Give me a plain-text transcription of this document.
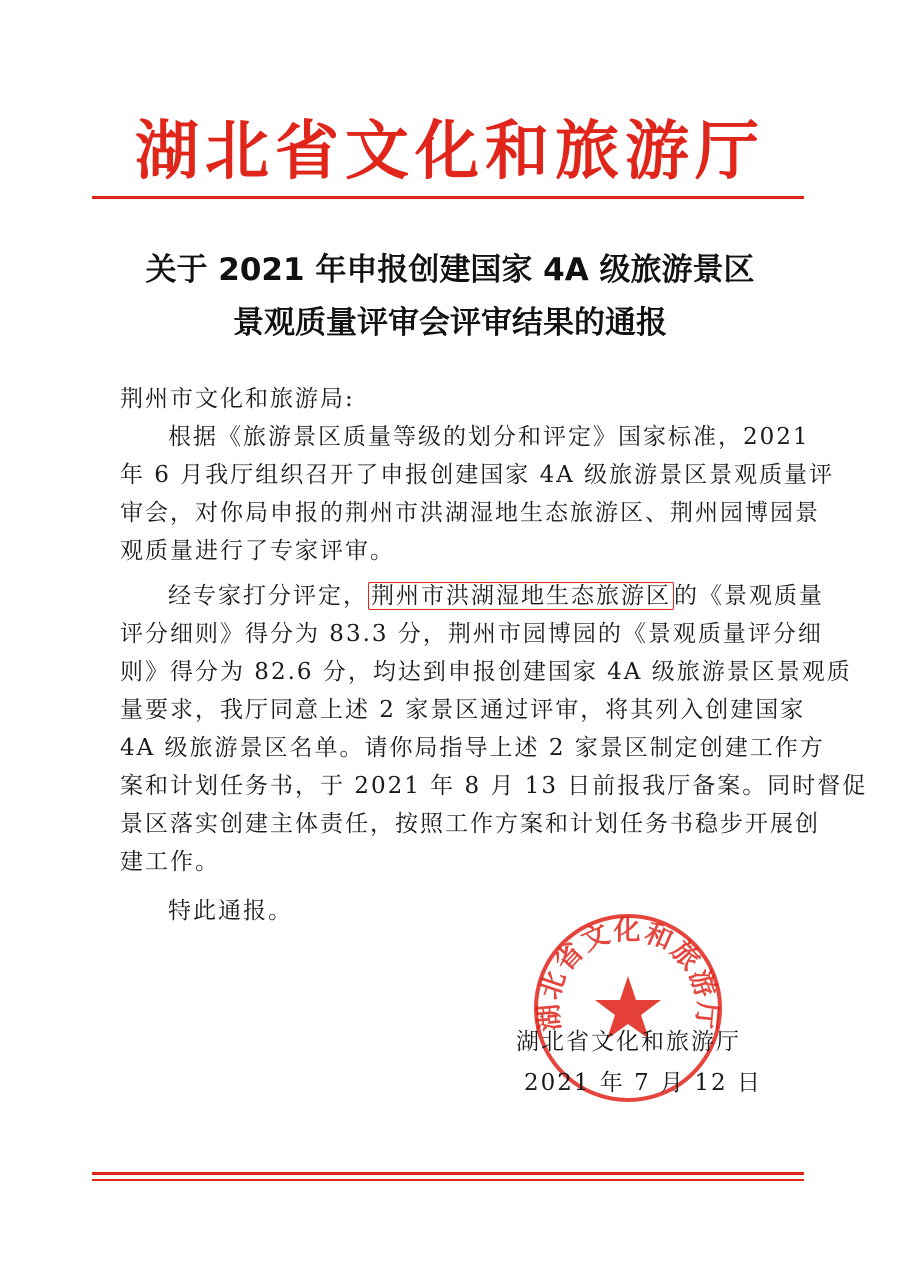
湖北省文化和旅游厅
关于 2021 年申报创建国家 4A 级旅游景区
景观质量评审会评审结果的通报
荆州市文化和旅游局:
根据《旅游景区质量等级的划分和评定》国家标准，2021
年 6 月我厅组织召开了申报创建国家 4A 级旅游景区景观质量评
审会，对你局申报的荆州市洪湖湿地生态旅游区、荆州园博园景
观质量进行了专家评审。
经专家打分评定， 荆州市洪湖湿地生态旅游区 的《景观质量
评分细则》得分为 83.3 分，荆州市园博园的《景观质量评分细
则》得分为 82.6 分，均达到申报创建国家 4A 级旅游景区景观质
量要求，我厅同意上述 2 家景区通过评审，将其列入创建国家
4A 级旅游景区名单。请你局指导上述 2 家景区制定创建工作方
案和计划任务书，于 2021 年 8 月 13 日前报我厅备案。同时督促
景区落实创建主体责任，按照工作方案和计划任务书稳步开展创
建工作。
特此通报。
湖北省文化和旅游厅
湖北省文化和旅游厅
2021 年 7 月 12 日
